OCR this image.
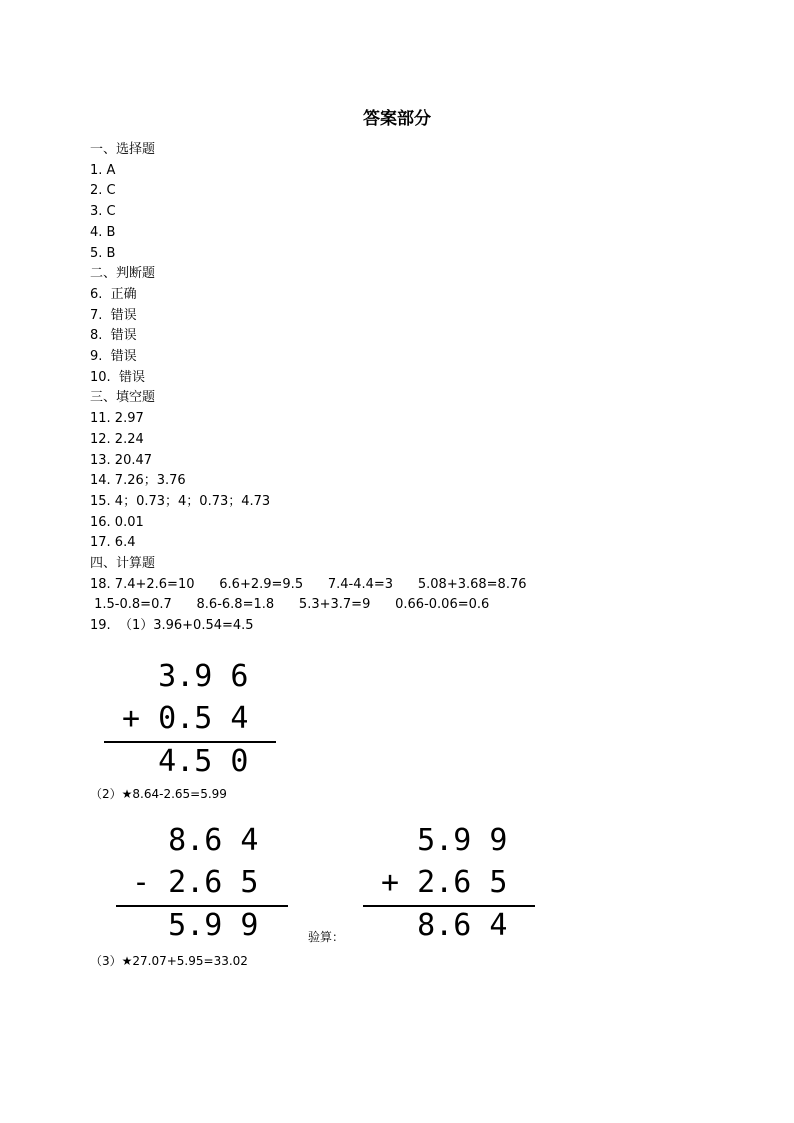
答案部分
一、选择题
1. A
2. C
3. C
4. B
5. B
二、判断题
6.  正确
7.  错误
8.  错误
9.  错误
10.  错误
三、填空题
11. 2.97
12. 2.24
13. 20.47
14. 7.26；3.76
15. 4；0.73；4；0.73；4.73
16. 0.01
17. 6.4
四、计算题
18. 7.4+2.6=10      6.6+2.9=9.5      7.4-4.4=3      5.08+3.68=8.76
1.5-0.8=0.7      8.6-6.8=1.8      5.3+3.7=9      0.66-0.06=0.6
19.  （1）3.96+0.54=4.5
3.9 6
+ 0.5 4
4.5 0
（2）★8.64-2.65=5.99
8.6 4
- 2.6 5
5.9 9	验算：
5.9 9
+ 2.6 5
8.6 4
（3）★27.07+5.95=33.02
